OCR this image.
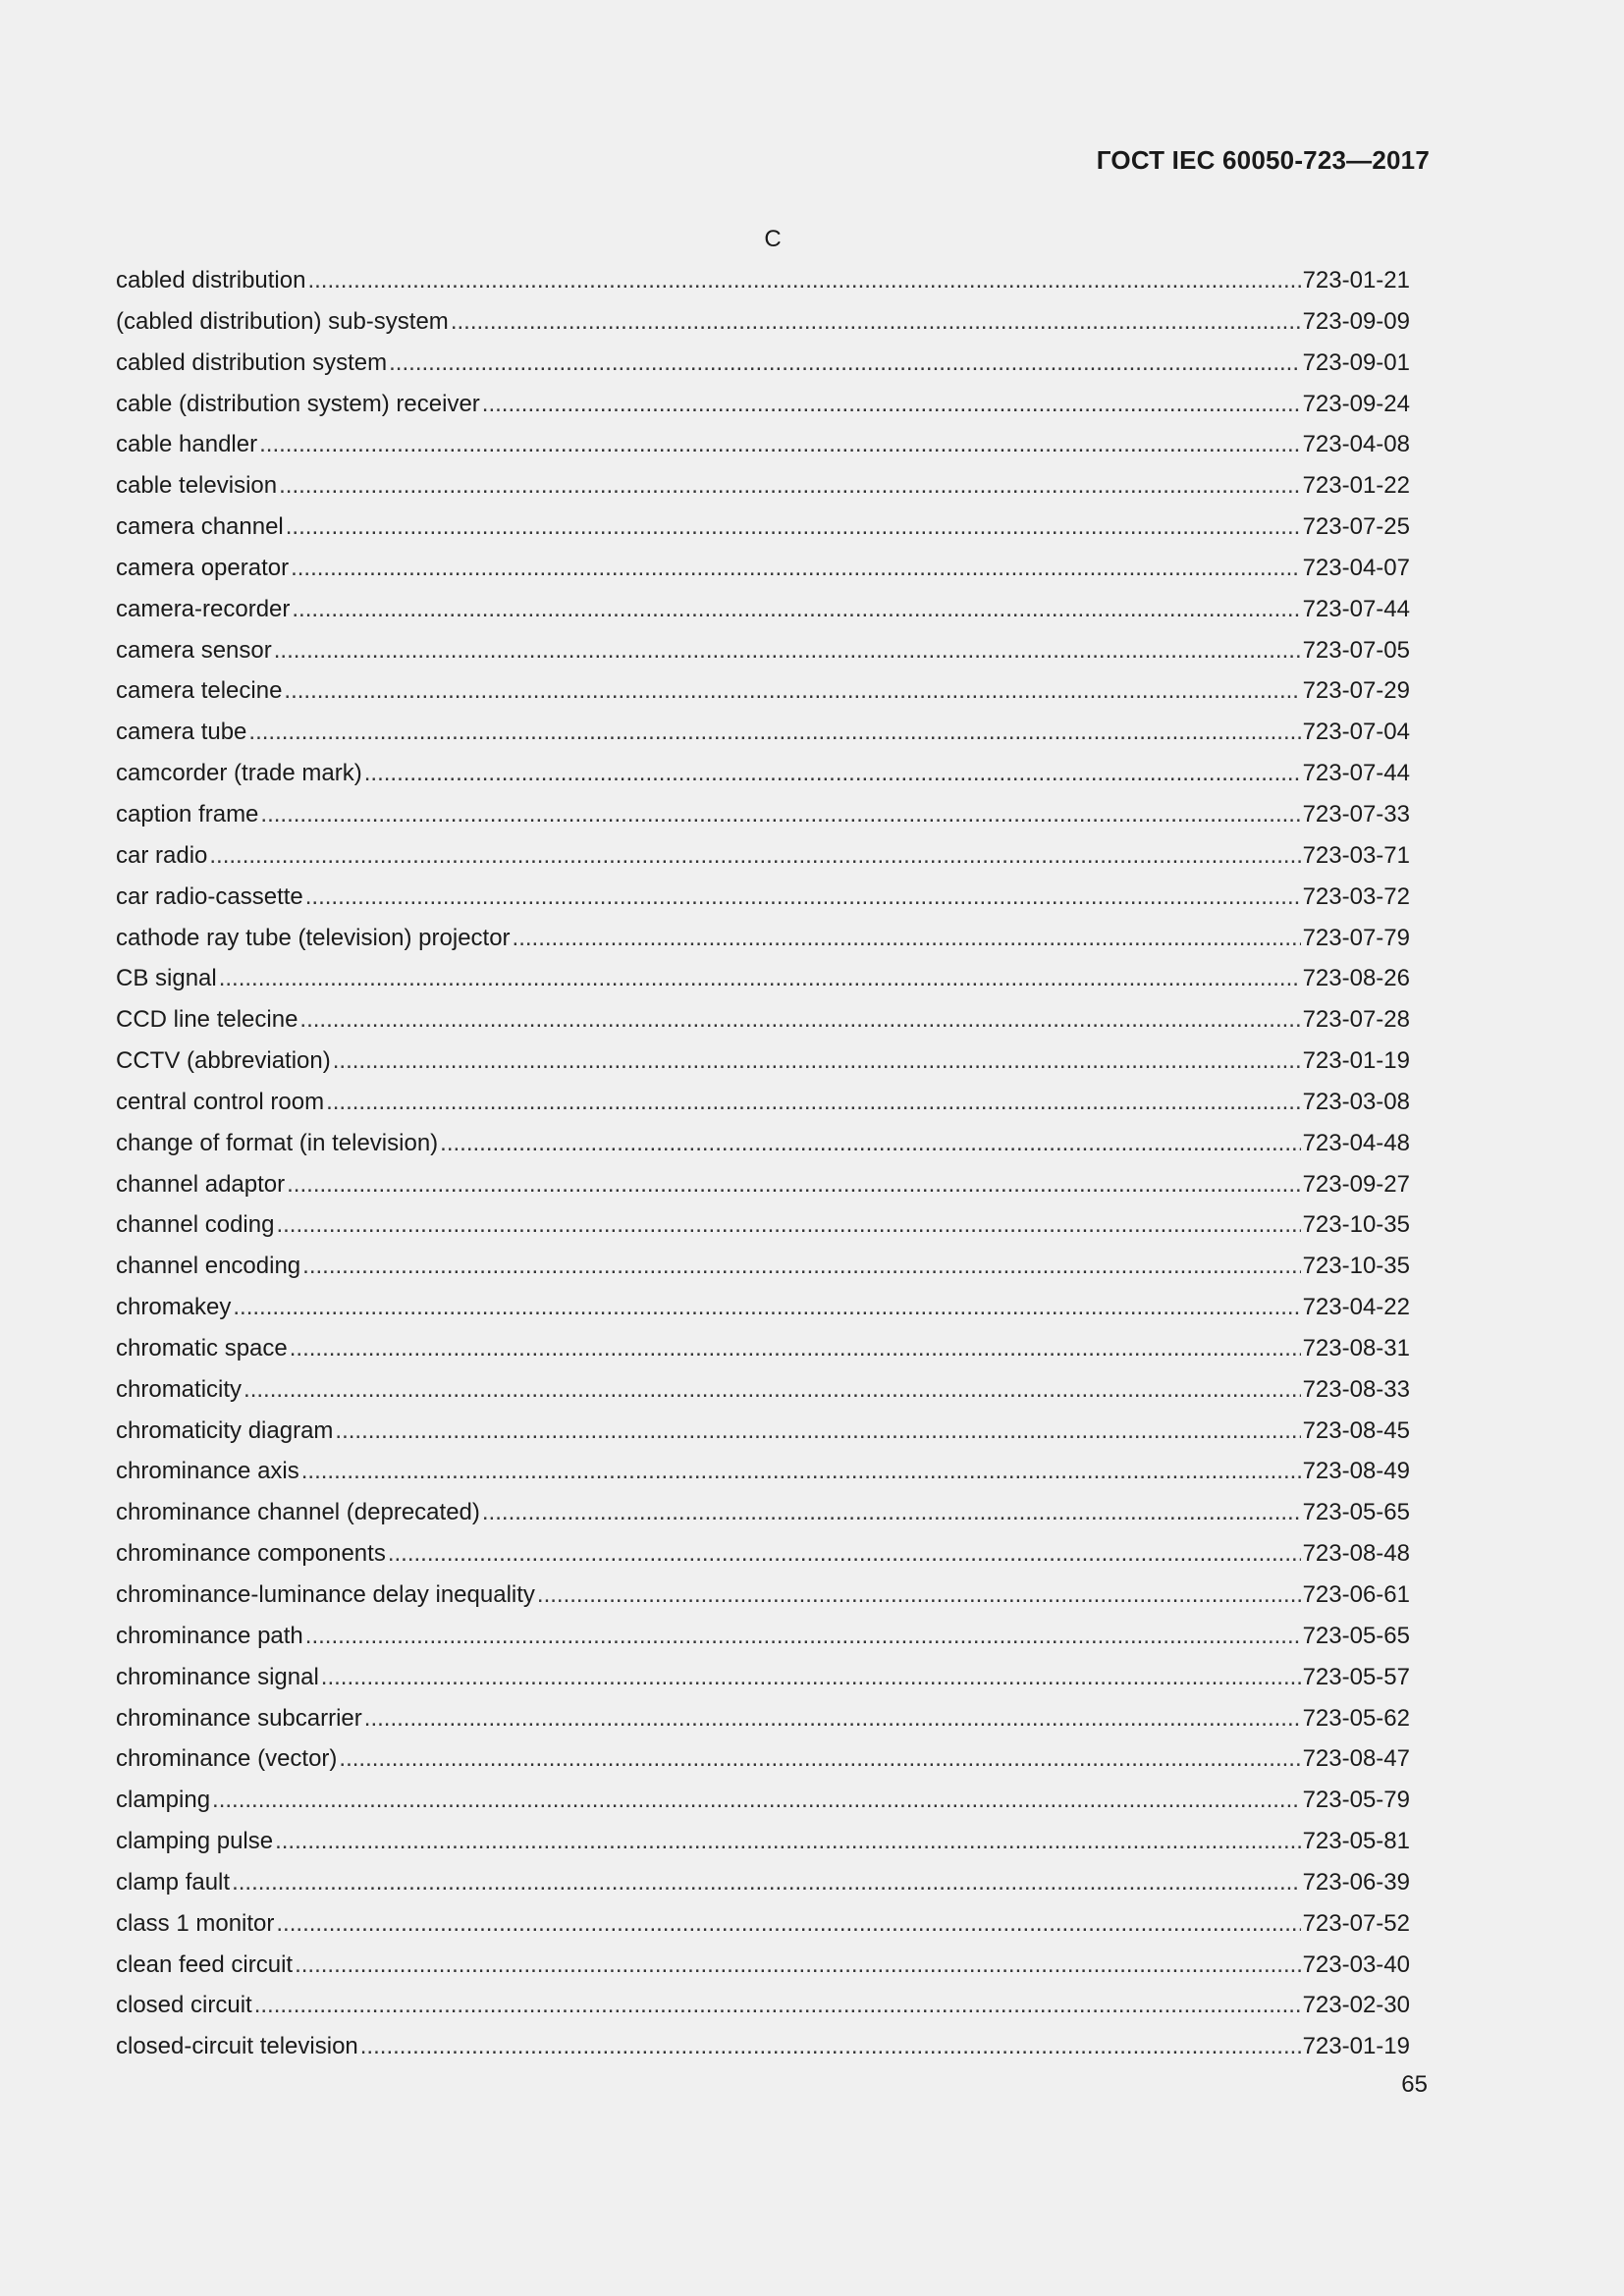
ГОСТ IEC 60050-723—2017
C
cabled distribution .....	723-01-21
(cabled distribution) sub-system .....	723-09-09
cabled distribution system .....	723-09-01
cable (distribution system) receiver .....	723-09-24
cable handler .....	723-04-08
cable television .....	723-01-22
camera channel .....	723-07-25
camera operator .....	723-04-07
camera-recorder .....	723-07-44
camera sensor .....	723-07-05
camera telecine .....	723-07-29
camera tube .....	723-07-04
camcorder (trade mark) .....	723-07-44
caption frame .....	723-07-33
car radio .....	723-03-71
car radio-cassette .....	723-03-72
cathode ray tube (television) projector .....	723-07-79
CB signal .....	723-08-26
CCD line telecine .....	723-07-28
CCTV (abbreviation) .....	723-01-19
central control room .....	723-03-08
change of format (in television) .....	723-04-48
channel adaptor .....	723-09-27
channel coding .....	723-10-35
channel encoding .....	723-10-35
chromakey .....	723-04-22
chromatic space .....	723-08-31
chromaticity .....	723-08-33
chromaticity diagram .....	723-08-45
chrominance axis .....	723-08-49
chrominance channel (deprecated) .....	723-05-65
chrominance components .....	723-08-48
chrominance-luminance delay inequality .....	723-06-61
chrominance path .....	723-05-65
chrominance signal .....	723-05-57
chrominance subcarrier .....	723-05-62
chrominance (vector) .....	723-08-47
clamping .....	723-05-79
clamping pulse .....	723-05-81
clamp fault .....	723-06-39
class 1 monitor .....	723-07-52
clean feed circuit .....	723-03-40
closed circuit .....	723-02-30
closed-circuit television .....	723-01-19
65
